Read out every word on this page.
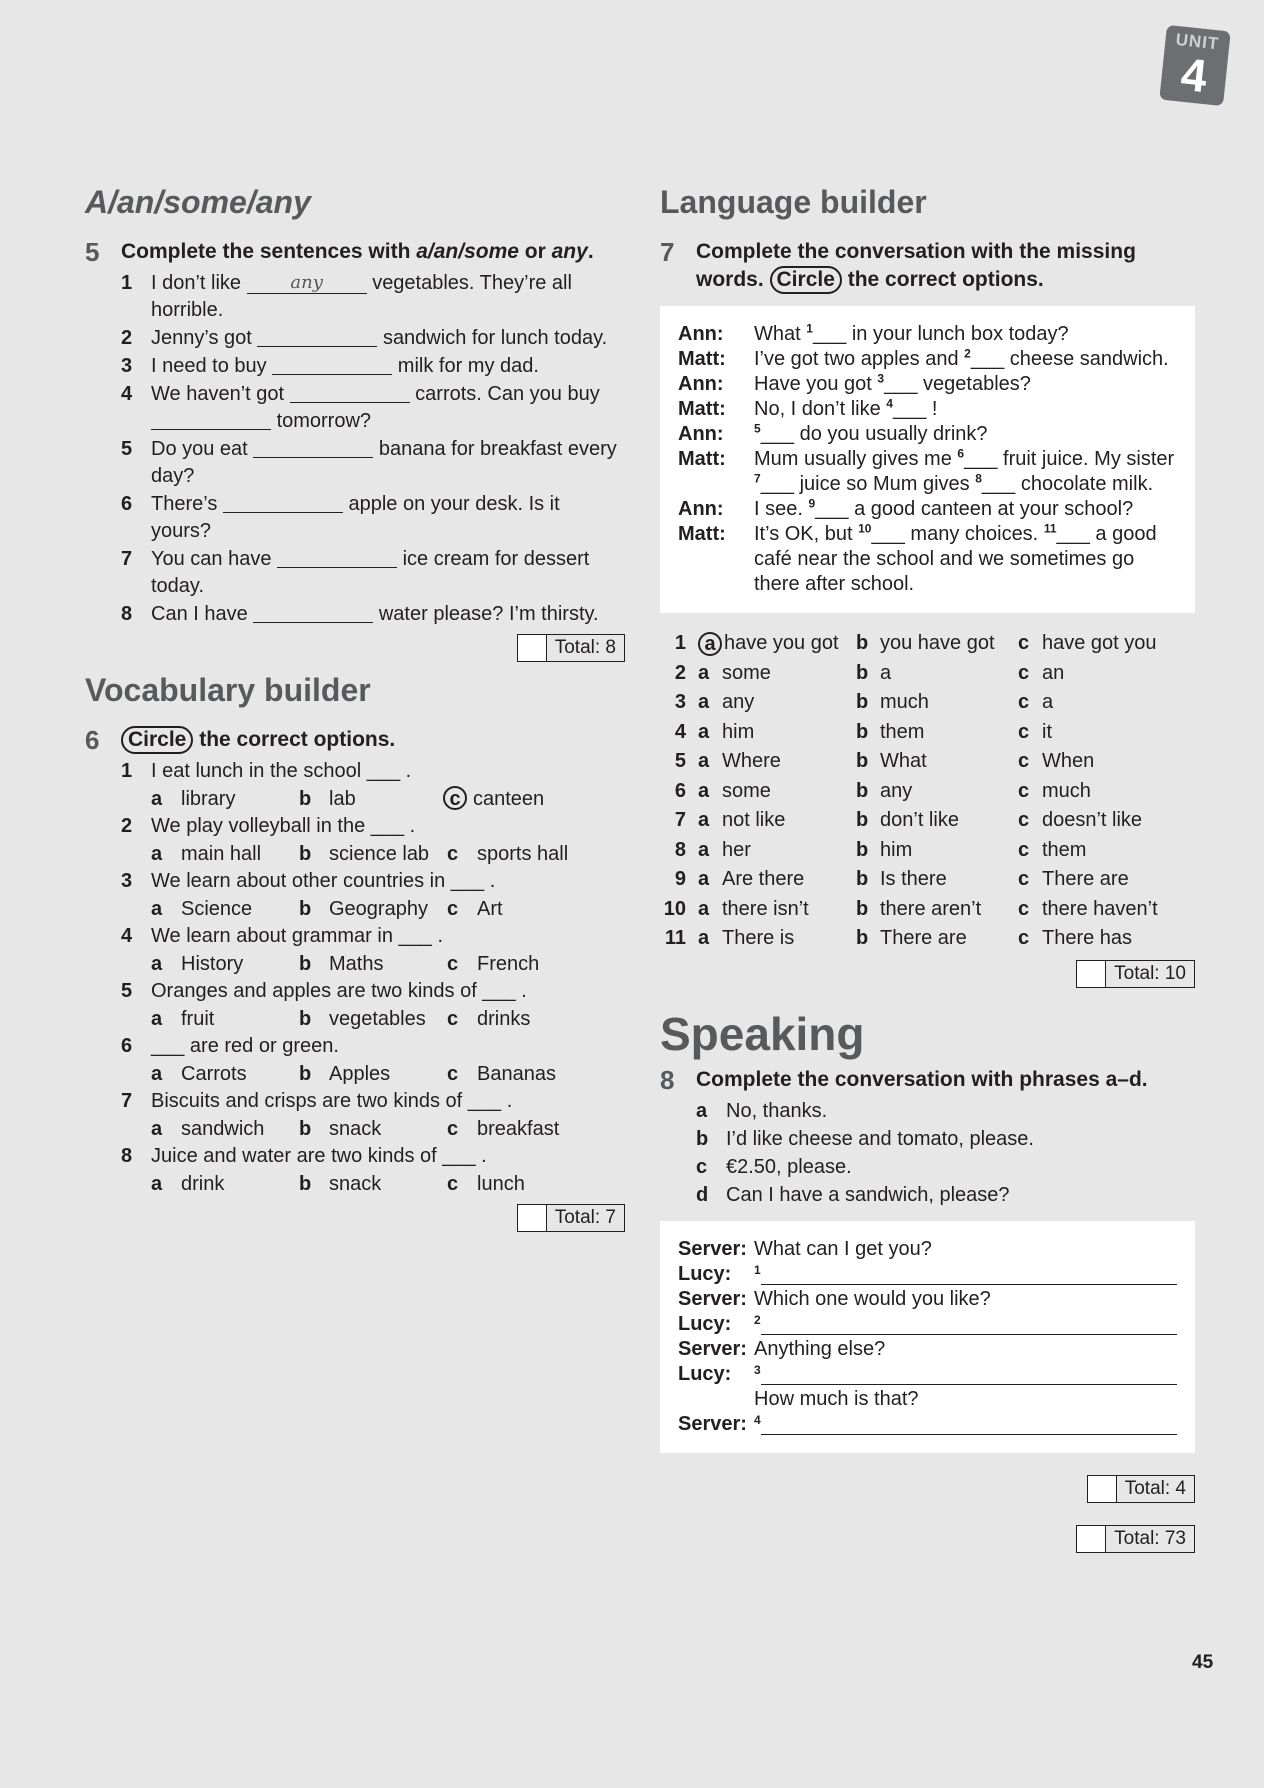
UNIT
4
A/an/some/any
5	Complete the sentences with a/an/some or any.
1 I don’t like	any vegetables. They’re all horrible.
2 Jenny’s got	sandwich for lunch today.
3 I need to buy	milk for my dad.
4 We haven’t got	carrots. Can you buy  tomorrow?
5 Do you eat	banana for breakfast every day?
6 There’s	apple on your desk. Is it yours?
7 You can have	ice cream for dessert today.
8 Can I have	water please? I’m thirsty.
Total: 8
Vocabulary builder
6	Circle the correct options.
1 I eat lunch in the school ___ .
a library	b lab	c canteen
2 We play volleyball in the ___ .
a main hall b science lab c sports hall
3 We learn about other countries in ___ .
a Science b Geography c Art
4 We learn about grammar in ___ .
a History	b Maths	c French
5 Oranges and apples are two kinds of ___ .
a fruit	b vegetables c drinks
6 ___ are red or green.
a Carrots	b Apples	c Bananas
7 Biscuits and crisps are two kinds of ___ .
a sandwich b snack	c breakfast
8 Juice and water are two kinds of ___ .
a drink	b snack	c lunch
Total: 7
Language builder
7	Complete the conversation with the missing words. Circle the correct options.
Ann:	What $^1$___ in your lunch box today?
Matt:	I’ve got two apples and $^2$___ cheese sandwich.
Ann:	Have you got $^3$___ vegetables?
Matt:	No, I don’t like $^4$___ !
Ann:	$^5$___ do you usually drink?
Matt:	Mum usually gives me $^6$___ fruit juice. My sister $^7$___ juice so Mum gives $^8$___ chocolate milk.
Ann:	I see. $^9$___ a good canteen at your school?
Matt:	It’s OK, but $^{10}$___ many choices. $^{11}$___ a good café near the school and we sometimes go there after school.
1 a have you got b you have got c have got you
2 a some	b a	c an
3 a any	b much	c a
4 a him	b them	c it
5 a Where	b What	c When
6 a some	b any	c much
7 a not like	b don’t like	c doesn’t like
8 a her	b him	c them
9 a Are there	b Is there	c There are
10 a there isn’t b there aren’t c there haven’t
11 a There is	b There are	c There has
Total: 10
Speaking
8	Complete the conversation with phrases a–d.
a No, thanks.
b I’d like cheese and tomato, please.
c €2.50, please.
d Can I have a sandwich, please?
Server: What can I get you?
Lucy:	1
Server: Which one would you like?
Lucy:	2
Server: Anything else?
Lucy:	3
How much is that?
Server: 4
Total: 4
Total: 73
45
